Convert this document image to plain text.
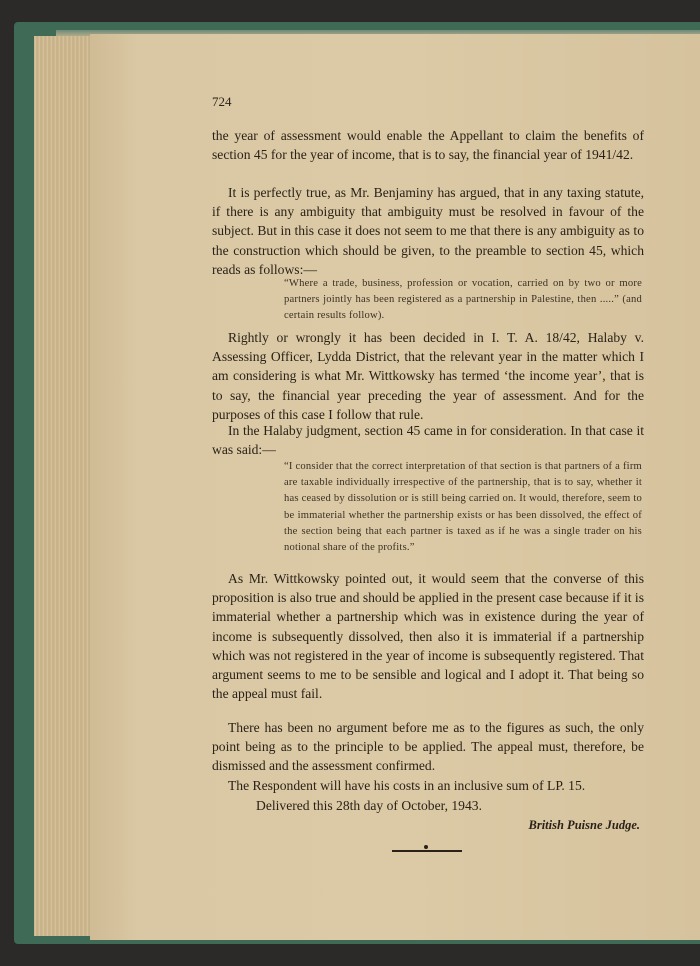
724

the year of assessment would enable the Appellant to claim the benefits of section 45 for the year of income, that is to say, the financial year of 1941/42.

It is perfectly true, as Mr. Benjaminy has argued, that in any taxing statute, if there is any ambiguity that ambiguity must be resolved in favour of the subject. But in this case it does not seem to me that there is any ambiguity as to the construction which should be given, to the preamble to section 45, which reads as follows:—

“Where a trade, business, profession or vocation, carried on by two or more partners jointly has been registered as a partnership in Palestine, then .....” (and certain results follow).

Rightly or wrongly it has been decided in I. T. A. 18/42, Halaby v. Assessing Officer, Lydda District, that the relevant year in the matter which I am considering is what Mr. Wittkowsky has termed ‘the income year’, that is to say, the financial year preceding the year of assessment. And for the purposes of this case I follow that rule.

In the Halaby judgment, section 45 came in for consideration. In that case it was said:—

“I consider that the correct interpretation of that section is that partners of a firm are taxable individually irrespective of the partnership, that is to say, whether it has ceased by dissolution or is still being carried on. It would, therefore, seem to be immaterial whether the partnership exists or has been dissolved, the effect of the section being that each partner is taxed as if he was a single trader on his notional share of the profits.”

As Mr. Wittkowsky pointed out, it would seem that the converse of this proposition is also true and should be applied in the present case because if it is immaterial whether a partnership which was in existence during the year of income is subsequently dissolved, then also it is immaterial if a partnership which was not registered in the year of income is subsequently registered. That argument seems to me to be sensible and logical and I adopt it. That being so the appeal must fail.

There has been no argument before me as to the figures as such, the only point being as to the principle to be applied. The appeal must, therefore, be dismissed and the assessment confirmed.

The Respondent will have his costs in an inclusive sum of LP. 15.

Delivered this 28th day of October, 1943.

British Puisne Judge.
